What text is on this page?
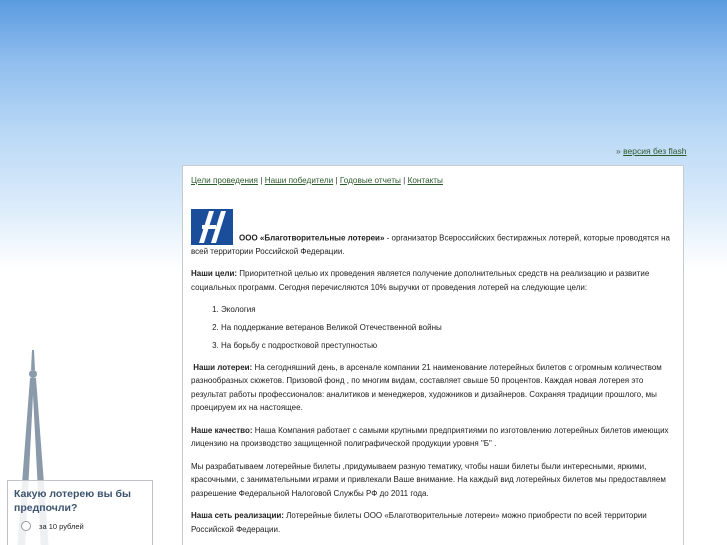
» версия без flash
Цели проведения | Наши победители | Годовые отчеты | Контакты

ООО «Благотворительные лотереи» - организатор Всероссийских бестиражных лотерей, которые проводятся на всей территории Российской Федерации.

Наши цели: Приоритетной целью их проведения является получение дополнительных средств на реализацию и развитие социальных программ. Сегодня перечисляются 10% выручки от проведения лотерей на следующие цели:

1. Экология
2. На поддержание ветеранов Великой Отечественной войны
3. На борьбу с подростковой преступностью

Наши лотереи: На сегодняшний день, в арсенале компании 21 наименование лотерейных билетов с огромным количеством разнообразных сюжетов. Призовой фонд , по многим видам, составляет свыше 50 процентов. Каждая новая лотерея это результат работы профессионалов: аналитиков и менеджеров, художников и дизайнеров. Сохраняя традиции прошлого, мы проецируем их на настоящее.

Наше качество: Наша Компания работает с самыми крупными предприятиями по изготовлению лотерейных билетов имеющих лицензию на производство защищенной полиграфической продукции уровня "Б" .

Мы разрабатываем лотерейные билеты ,придумываем разную тематику, чтобы наши билеты были интересными, яркими, красочными, с занимательными играми и привлекали Ваше внимание. На каждый вид лотерейных билетов мы предоставляем разрешение Федеральной Налоговой Службы РФ до 2011 года.

Наша сеть реализации: Лотерейные билеты ООО «Благотворительные лотереи» можно приобрести по всей территории Российской Федерации.

Какую лотерею вы бы предпочли?
за 10 рублей
